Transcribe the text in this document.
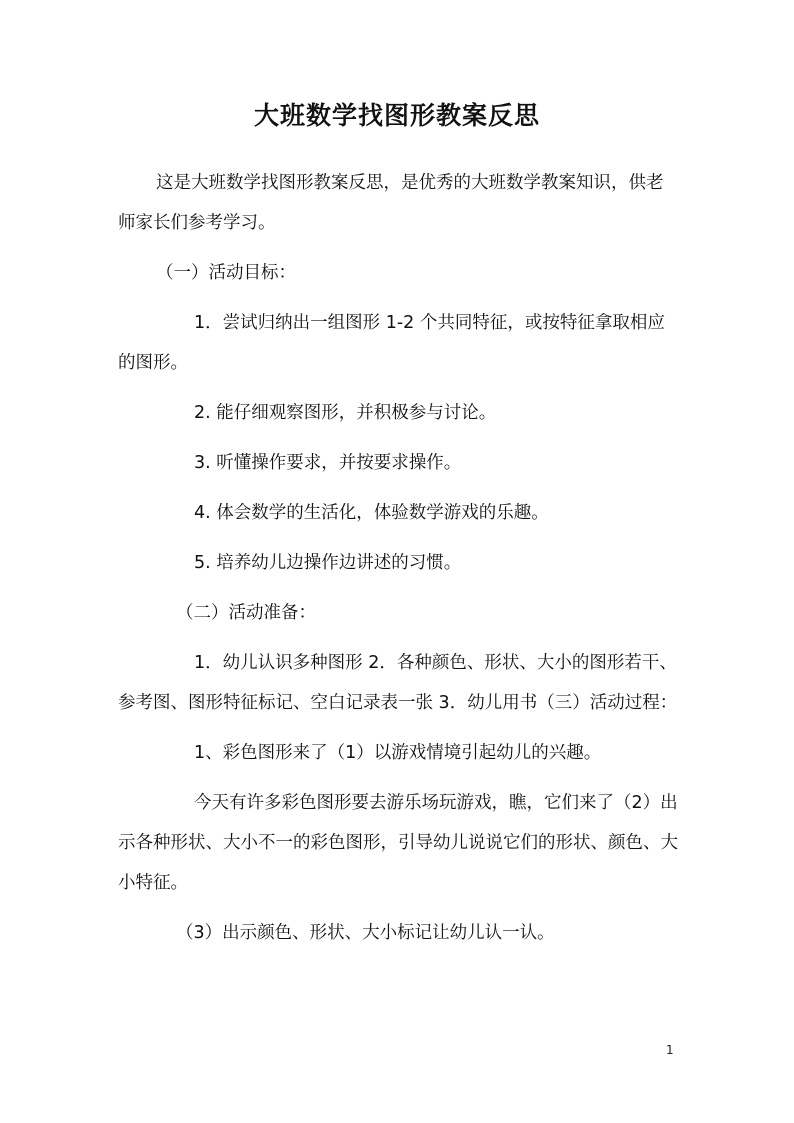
大班数学找图形教案反思

这是大班数学找图形教案反思，是优秀的大班数学教案知识，供老师家长们参考学习。

（一）活动目标：

1．尝试归纳出一组图形 1-2 个共同特征，或按特征拿取相应的图形。

2. 能仔细观察图形，并积极参与讨论。

3. 听懂操作要求，并按要求操作。

4. 体会数学的生活化，体验数学游戏的乐趣。

5. 培养幼儿边操作边讲述的习惯。

（二）活动准备：

1．幼儿认识多种图形 2．各种颜色、形状、大小的图形若干、参考图、图形特征标记、空白记录表一张 3．幼儿用书（三）活动过程：

1、彩色图形来了（1）以游戏情境引起幼儿的兴趣。

今天有许多彩色图形要去游乐场玩游戏，瞧，它们来了（2）出示各种形状、大小不一的彩色图形，引导幼儿说说它们的形状、颜色、大小特征。

（3）出示颜色、形状、大小标记让幼儿认一认。

1
